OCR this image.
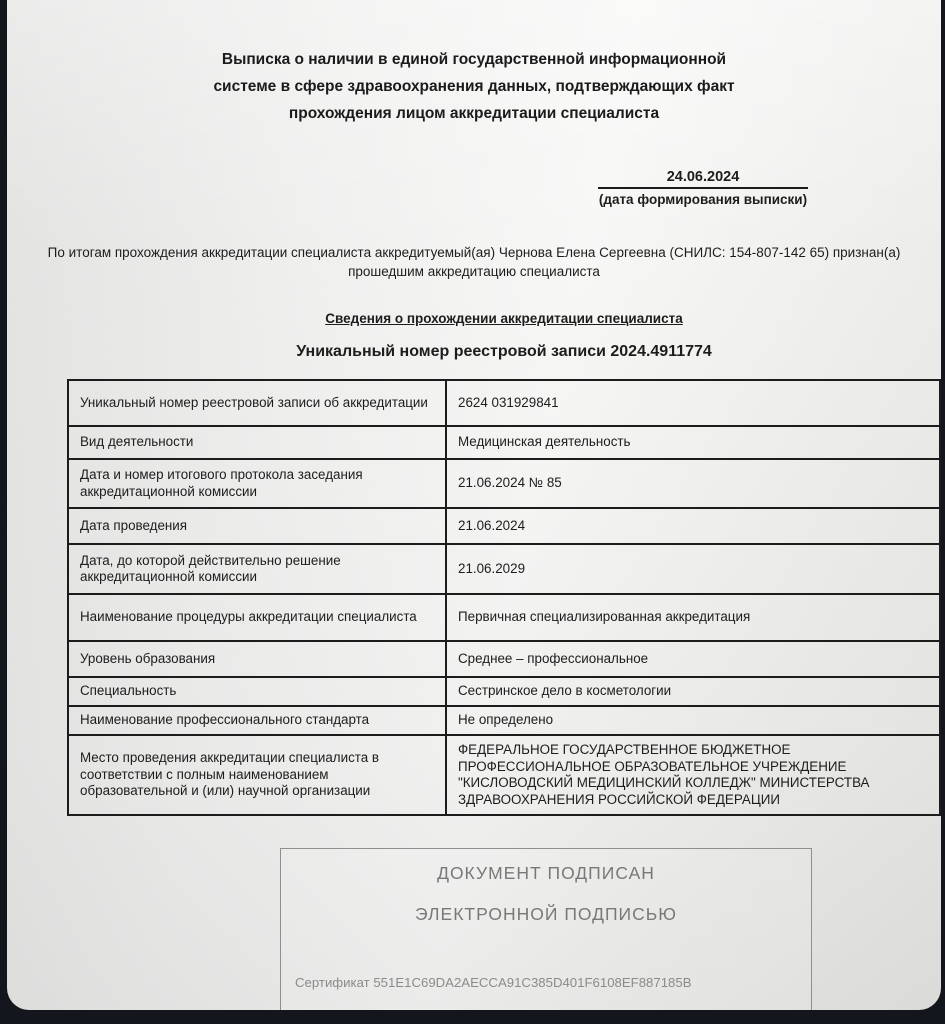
Выписка о наличии в единой государственной информационной системе в сфере здравоохранения данных, подтверждающих факт прохождения лицом аккредитации специалиста
24.06.2024
(дата формирования выписки)
По итогам прохождения аккредитации специалиста аккредитуемый(ая) Чернова Елена Сергеевна (СНИЛС: 154-807-142 65) признан(а) прошедшим аккредитацию специалиста
Сведения о прохождении аккредитации специалиста
Уникальный номер реестровой записи 2024.4911774
Уникальный номер реестровой записи об аккредитации	2624 031929841
Вид деятельности	Медицинская деятельность
Дата и номер итогового протокола заседания аккредитационной комиссии	21.06.2024 № 85
Дата проведения	21.06.2024
Дата, до которой действительно решение аккредитационной комиссии	21.06.2029
Наименование процедуры аккредитации специалиста	Первичная специализированная аккредитация
Уровень образования	Среднее – профессиональное
Специальность	Сестринское дело в косметологии
Наименование профессионального стандарта	Не определено
Место проведения аккредитации специалиста в соответствии с полным наименованием образовательной и (или) научной организации	ФЕДЕРАЛЬНОЕ ГОСУДАРСТВЕННОЕ БЮДЖЕТНОЕ ПРОФЕССИОНАЛЬНОЕ ОБРАЗОВАТЕЛЬНОЕ УЧРЕЖДЕНИЕ "КИСЛОВОДСКИЙ МЕДИЦИНСКИЙ КОЛЛЕДЖ" МИНИСТЕРСТВА ЗДРАВООХРАНЕНИЯ РОССИЙСКОЙ ФЕДЕРАЦИИ
ДОКУМЕНТ ПОДПИСАН
ЭЛЕКТРОННОЙ ПОДПИСЬЮ
Сертификат 551E1C69DA2AECCA91C385D401F6108EF887185B
